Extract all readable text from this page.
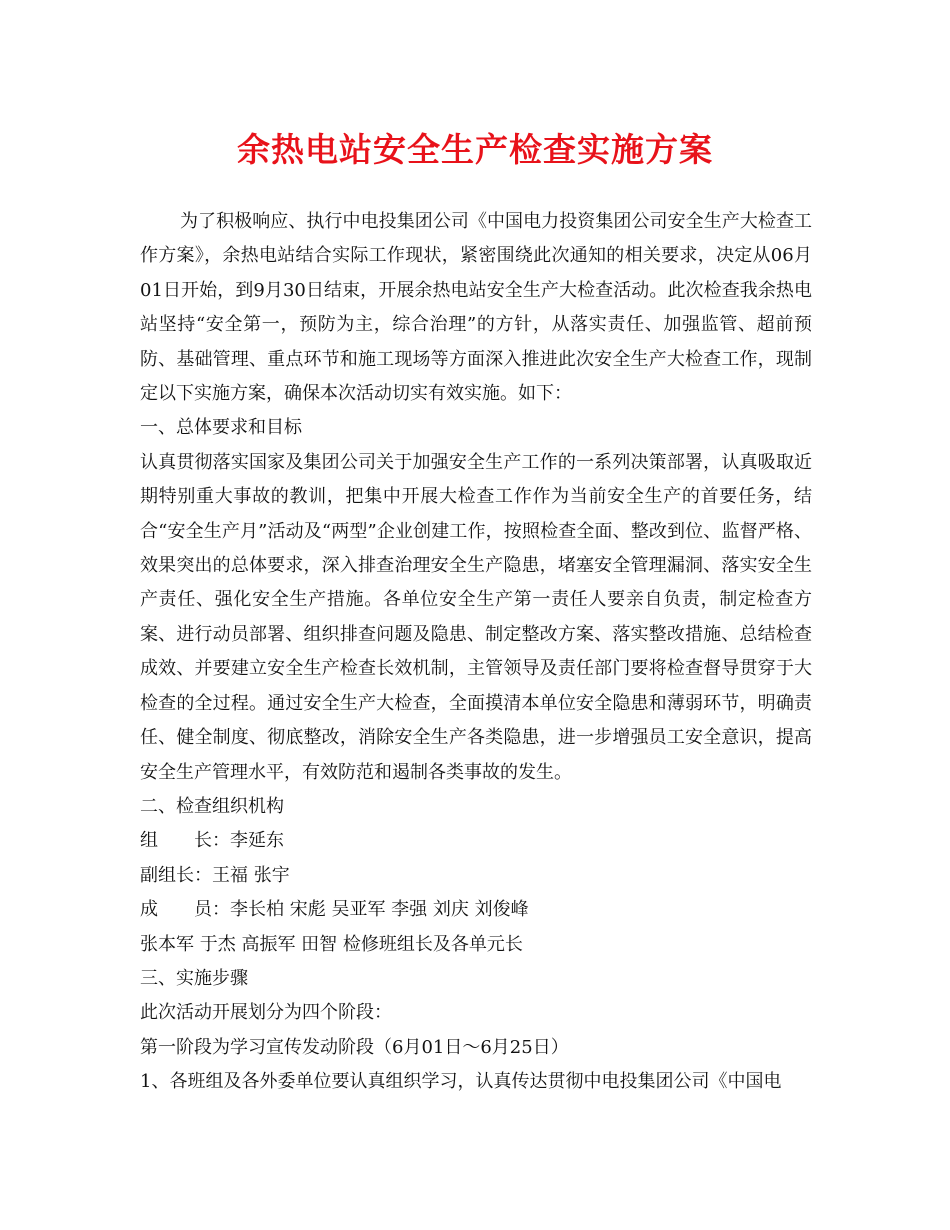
余热电站安全生产检查实施方案

为了积极响应、执行中电投集团公司《中国电力投资集团公司安全生产大检查工作方案》，余热电站结合实际工作现状，紧密围绕此次通知的相关要求，决定从06月01日开始，到9月30日结束，开展余热电站安全生产大检查活动。此次检查我余热电站坚持“安全第一，预防为主，综合治理”的方针，从落实责任、加强监管、超前预防、基础管理、重点环节和施工现场等方面深入推进此次安全生产大检查工作，现制定以下实施方案，确保本次活动切实有效实施。如下：

一、总体要求和目标

认真贯彻落实国家及集团公司关于加强安全生产工作的一系列决策部署，认真吸取近期特别重大事故的教训，把集中开展大检查工作作为当前安全生产的首要任务，结合“安全生产月”活动及“两型”企业创建工作，按照检查全面、整改到位、监督严格、效果突出的总体要求，深入排查治理安全生产隐患，堵塞安全管理漏洞、落实安全生产责任、强化安全生产措施。各单位安全生产第一责任人要亲自负责，制定检查方案、进行动员部署、组织排查问题及隐患、制定整改方案、落实整改措施、总结检查成效、并要建立安全生产检查长效机制，主管领导及责任部门要将检查督导贯穿于大检查的全过程。通过安全生产大检查，全面摸清本单位安全隐患和薄弱环节，明确责任、健全制度、彻底整改，消除安全生产各类隐患，进一步增强员工安全意识，提高安全生产管理水平，有效防范和遏制各类事故的发生。

二、检查组织机构

组　　长：李延东

副组长：王福 张宇

成　　员：李长柏 宋彪 吴亚军 李强 刘庆 刘俊峰

张本军 于杰 高振军 田智 检修班组长及各单元长

三、实施步骤

此次活动开展划分为四个阶段：

第一阶段为学习宣传发动阶段（6月01日～6月25日）

1、各班组及各外委单位要认真组织学习，认真传达贯彻中电投集团公司《中国电
